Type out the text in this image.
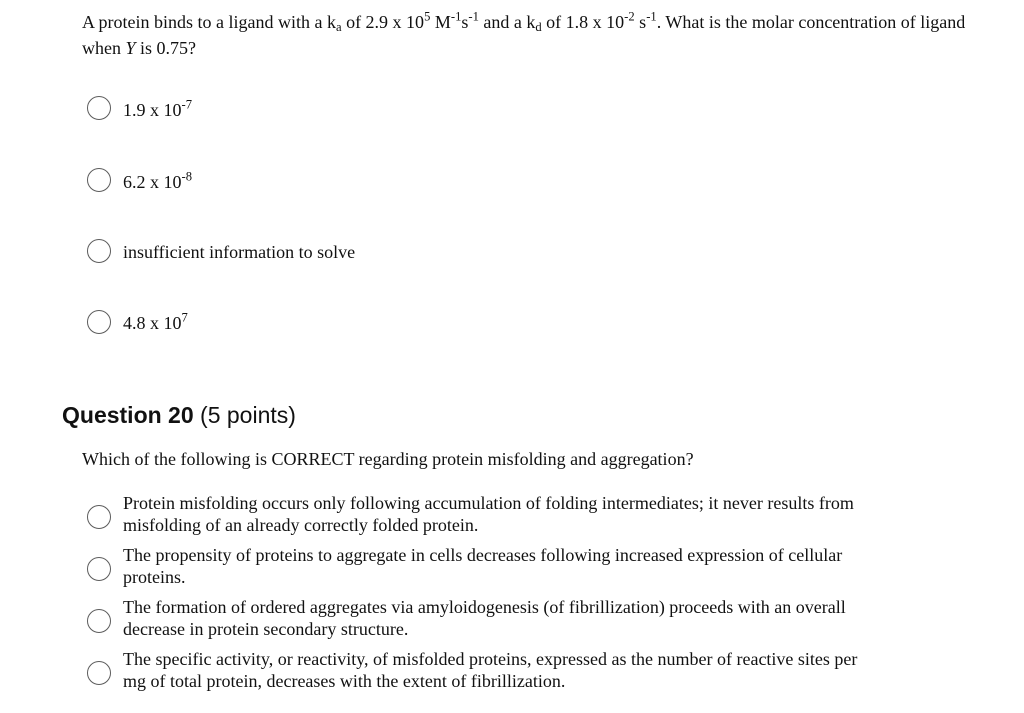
A protein binds to a ligand with a $k_a$ of 2.9 x $10^5$ $M^{-1}s^{-1}$ and a $k_d$ of 1.8 x $10^{-2}$ $s^{-1}$. What is the molar concentration of ligand when Y is 0.75?
1.9 x $10^{-7}$
6.2 x $10^{-8}$
insufficient information to solve
4.8 x $10^7$
Question 20 (5 points)
Which of the following is CORRECT regarding protein misfolding and aggregation?
Protein misfolding occurs only following accumulation of folding intermediates; it never results from
misfolding of an already correctly folded protein.
The propensity of proteins to aggregate in cells decreases following increased expression of cellular
proteins.
The formation of ordered aggregates via amyloidogenesis (of fibrillization) proceeds with an overall
decrease in protein secondary structure.
The specific activity, or reactivity, of misfolded proteins, expressed as the number of reactive sites per
mg of total protein, decreases with the extent of fibrillization.
